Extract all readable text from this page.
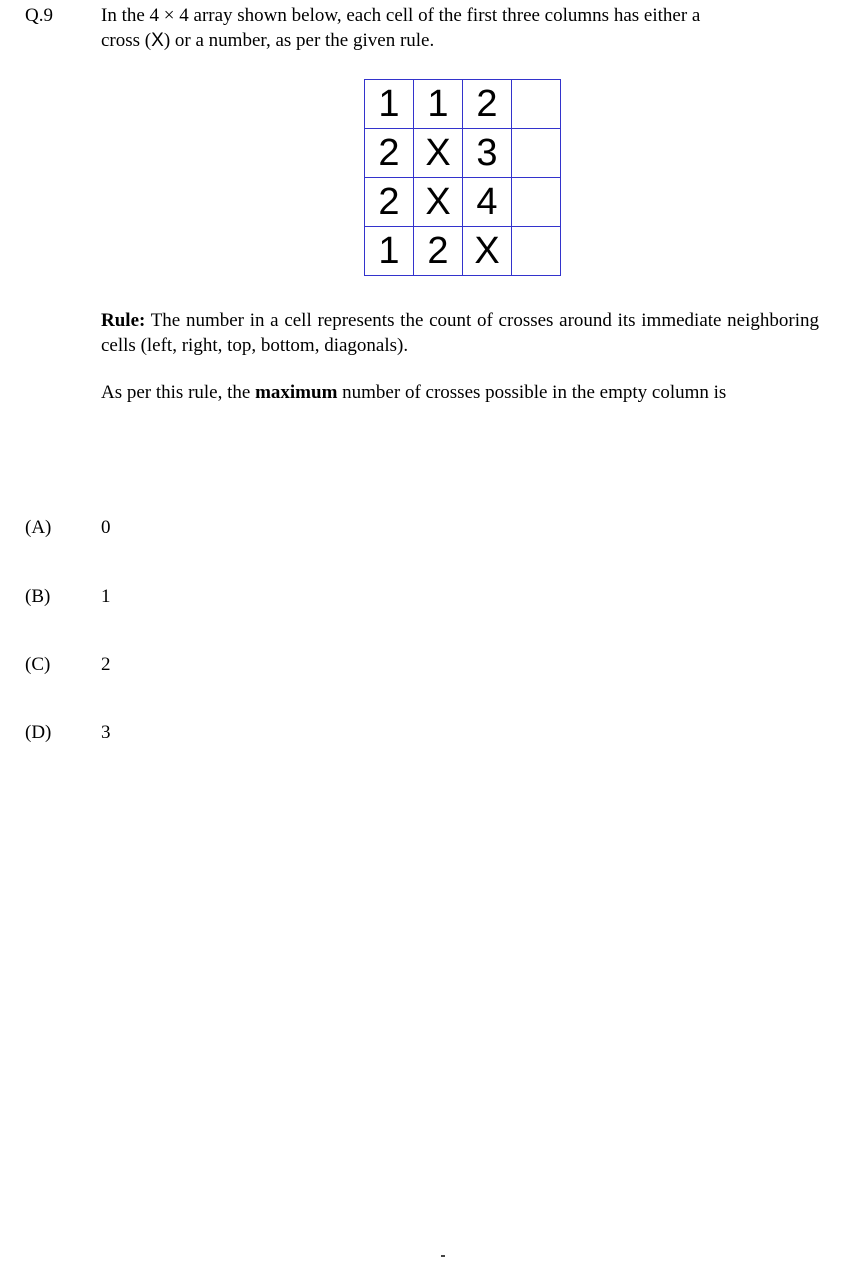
Q.9	In the 4 × 4 array shown below, each cell of the first three columns has either a
cross (X) or a number, as per the given rule.
1	1	2	
2	X	3	
2	X	4	
1	2	X	
Rule: The number in a cell represents the count of crosses around its immediate neighboring cells (left, right, top, bottom, diagonals).
As per this rule, the maximum number of crosses possible in the empty column is
(A)	0
(B)	1
(C)	2
(D)	3
